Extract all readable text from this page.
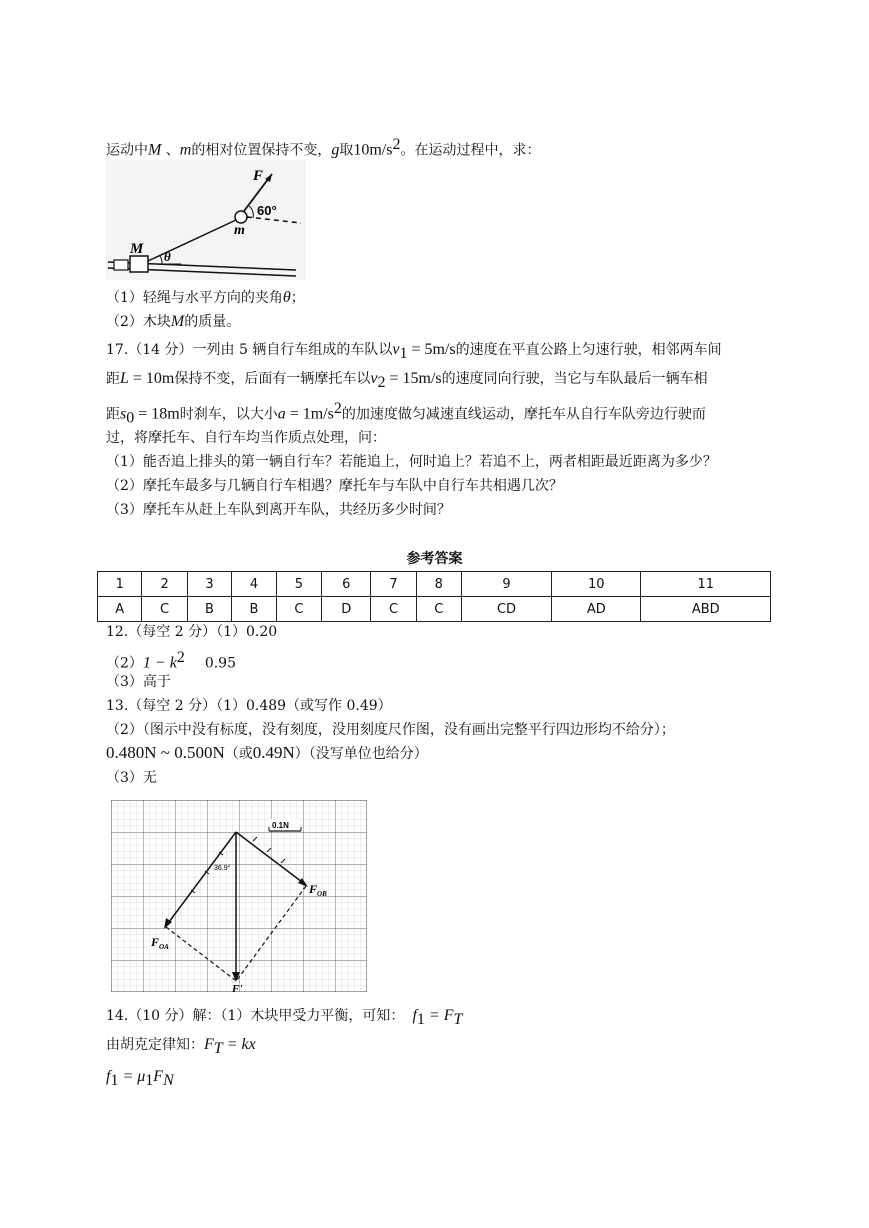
运动中M 、m的相对位置保持不变，g取$10m/s^2$。在运动过程中，求：
F
60°
m
M θ
（1）轻绳与水平方向的夹角θ；
（2）木块M的质量。
17.（14 分）一列由 5 辆自行车组成的车队以$v_1 = 5m/s$的速度在平直公路上匀速行驶，相邻两车间
距L = 10m保持不变，后面有一辆摩托车以$v_2 = 15m/s$的速度同向行驶，当它与车队最后一辆车相
距$s_0 = 18m$时刹车，以大小$a = 1m/s^2$的加速度做匀减速直线运动，摩托车从自行车队旁边行驶而
过，将摩托车、自行车均当作质点处理，问：
（1）能否追上排头的第一辆自行车？若能追上，何时追上？若追不上，两者相距最近距离为多少？
（2）摩托车最多与几辆自行车相遇？摩托车与车队中自行车共相遇几次？
（3）摩托车从赶上车队到离开车队，共经历多少时间？
参考答案
1	2	3	4	5	6	7	8	9	10	11
A	C	B	B	C	D	C	C	CD	AD	ABD
12.（每空 2 分）（1）0.20
$(2)1 - k^2$ 0.95
（3）高于
13.（每空 2 分）（1）0.489（或写作 0.49）
（2）（图示中没有标度，没有刻度，没用刻度尺作图，没有画出完整平行四边形均不给分）；
0.480N ~ 0.500N（或0.49N）（没写单位也给分）
（3）无
0.1N
36.9°
$F_{OB}$
$F_{OA}$
F'
14.（10 分）解：（1）木块甲受力平衡，可知： $f_1 = F_T$
由胡克定律知：$F_T$ = kx
$f_1 = \mu_1F_N$
